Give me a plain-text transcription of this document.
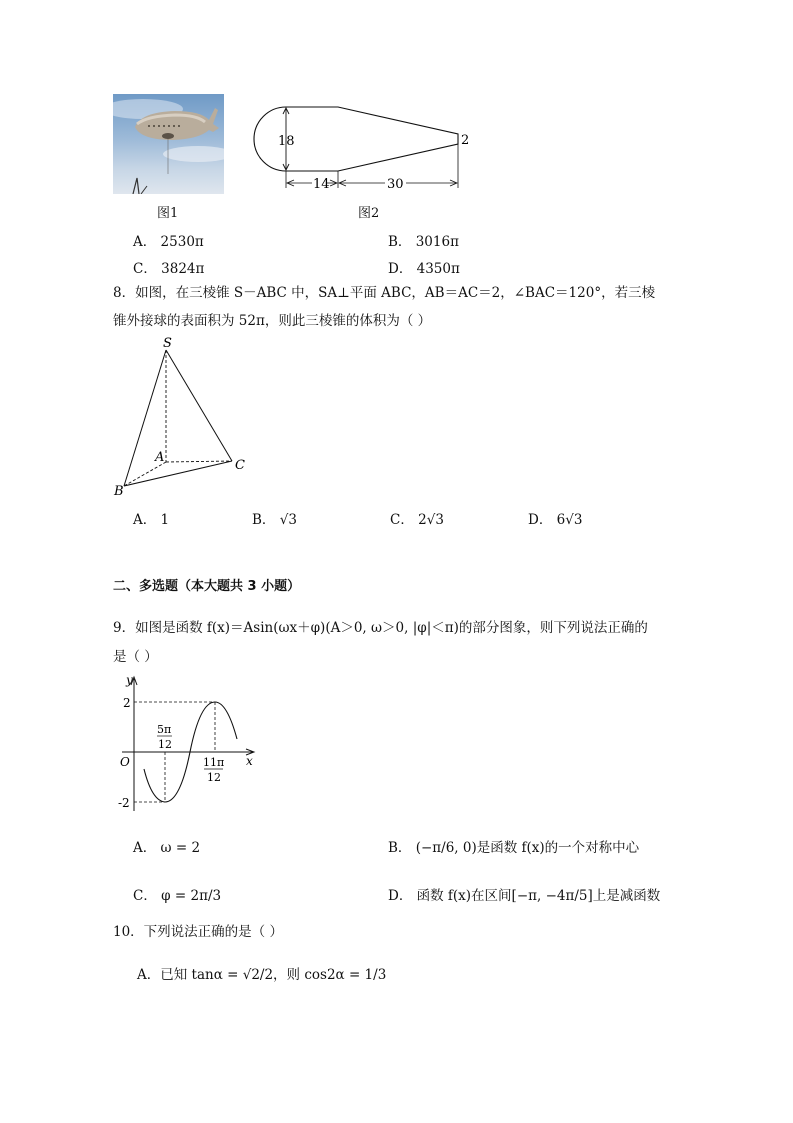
图1
18	2
14	30
图2
A． 2530π	B． 3016π
C． 3824π	D． 4350π
8．如图，在三棱锥 S－ABC 中，SA⊥平面 ABC，AB＝AC＝2，∠BAC＝120°，若三棱
锥外接球的表面积为 52π，则此三棱锥的体积为（ ）
S
A
B
C
A． 1	B． √3	C． 2√3	D． 6√3
二、多选题（本大题共 3 小题）
9．如图是函数 f(x)＝Asin(ωx＋φ)(A＞0, ω＞0, |φ|＜π)的部分图象，则下列说法正确的
是（ ）
y
x
O
2
-2
5π
12
11π
12
A． ω = 2	B． (−π/6, 0)是函数 f(x)的一个对称中心
C． φ = 2π/3	D． 函数 f(x)在区间[−π, −4π/5]上是减函数
10．下列说法正确的是（ ）
A．已知 tanα = √2/2，则 cos2α = 1/3
